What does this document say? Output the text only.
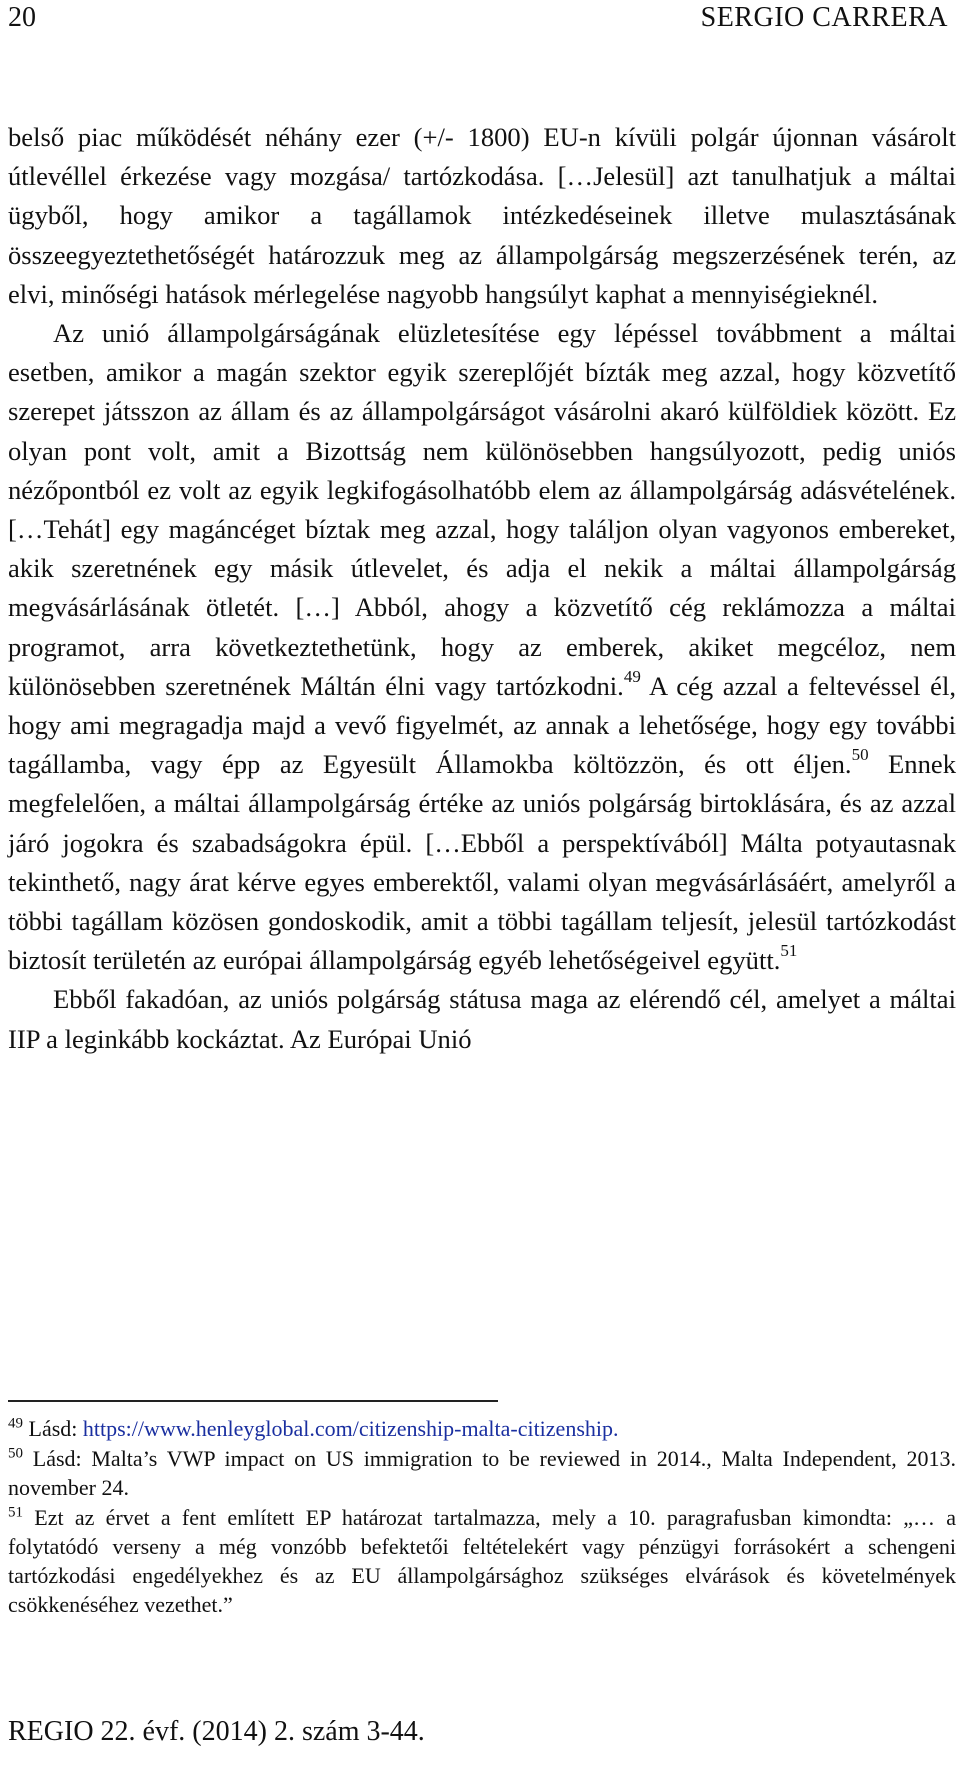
20	SERGIO CARRERA

belső piac működését néhány ezer (+/- 1800) EU-n kívüli polgár újonnan vásárolt útlevéllel érkezése vagy mozgása/ tartózkodása. […Jelesül] azt tanulhatjuk a máltai ügyből, hogy amikor a tagállamok intézkedéseinek illetve mulasztásának összeegyeztethetőségét határozzuk meg az állampolgárság megszerzésének terén, az elvi, minőségi hatások mérlegelése nagyobb hangsúlyt kaphat a mennyiségieknél.

Az unió állampolgárságának elüzletesítése egy lépéssel továbbment a máltai esetben, amikor a magán szektor egyik szereplőjét bízták meg azzal, hogy közvetítő szerepet játsszon az állam és az állampolgárságot vásárolni akaró külföldiek között. Ez olyan pont volt, amit a Bizottság nem különösebben hangsúlyozott, pedig uniós nézőpontból ez volt az egyik legkifogásolhatóbb elem az állampolgárság adásvételének. […Tehát] egy magáncéget bíztak meg azzal, hogy találjon olyan vagyonos embereket, akik szeretnének egy másik útlevelet, és adja el nekik a máltai állampolgárság megvásárlásának ötletét. […] Abból, ahogy a közvetítő cég reklámozza a máltai programot, arra következtethetünk, hogy az emberek, akiket megcéloz, nem különösebben szeretnének Máltán élni vagy tartózkodni.$^{49}$ A cég azzal a feltevéssel él, hogy ami megragadja majd a vevő figyelmét, az annak a lehetősége, hogy egy további tagállamba, vagy épp az Egyesült Államokba költözzön, és ott éljen.$^{50}$ Ennek megfelelően, a máltai állampolgárság értéke az uniós polgárság birtoklására, és az azzal járó jogokra és szabadságokra épül. […Ebből a perspektívából] Málta potyautasnak tekinthető, nagy árat kérve egyes emberektől, valami olyan megvásárlásáért, amelyről a többi tagállam közösen gondoskodik, amit a többi tagállam teljesít, jelesül tartózkodást biztosít területén az európai állampolgárság egyéb lehetőségeivel együtt.$^{51}$

Ebből fakadóan, az uniós polgárság státusa maga az elérendő cél, amelyet a máltai IIP a leginkább kockáztat. Az Európai Unió

$^{49}$ Lásd: https://www.henleyglobal.com/citizenship-malta-citizenship.

$^{50}$ Lásd: Malta’s VWP impact on US immigration to be reviewed in 2014., Malta Independent, 2013. november 24.

$^{51}$ Ezt az érvet a fent említett EP határozat tartalmazza, mely a 10. paragrafusban kimondta: „… a folytatódó verseny a még vonzóbb befektetői feltételekért vagy pénzügyi forrásokért a schengeni tartózkodási engedélyekhez és az EU állampolgársághoz szükséges elvárások és követelmények csökkenéséhez vezethet.”

REGIO 22. évf. (2014) 2. szám 3-44.
